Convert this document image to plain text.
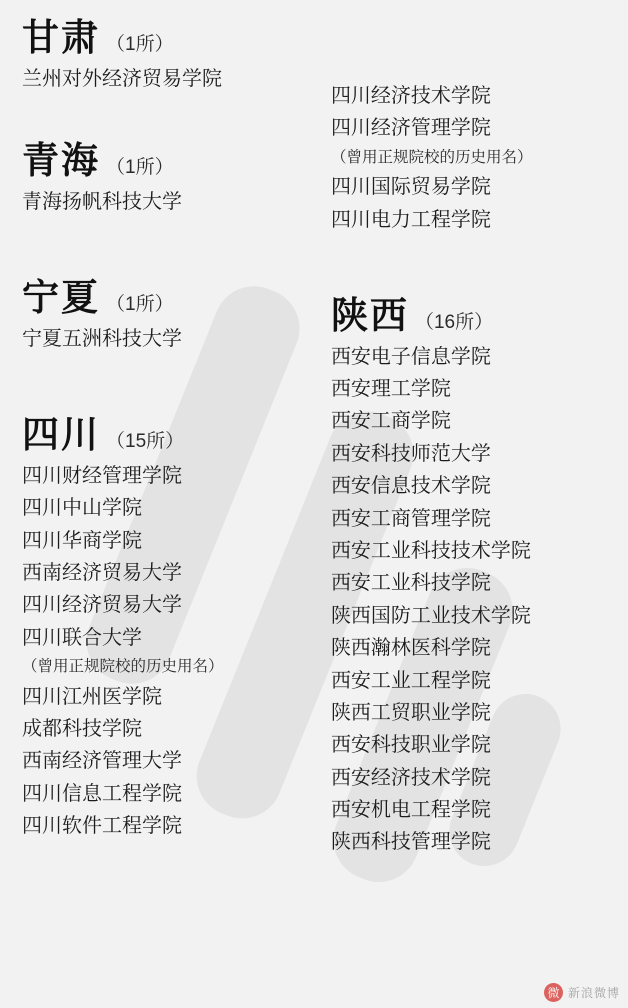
甘肃 （1所）
兰州对外经济贸易学院
青海 （1所）
青海扬帆科技大学
宁夏 （1所）
宁夏五洲科技大学
四川 （15所）
四川财经管理学院
四川中山学院
四川华商学院
西南经济贸易大学
四川经济贸易大学
四川联合大学
（曾用正规院校的历史用名）
四川江州医学院
成都科技学院
西南经济管理大学
四川信息工程学院
四川软件工程学院
四川经济技术学院
四川经济管理学院
（曾用正规院校的历史用名）
四川国际贸易学院
四川电力工程学院
陕西 （16所）
西安电子信息学院
西安理工学院
西安工商学院
西安科技师范大学
西安信息技术学院
西安工商管理学院
西安工业科技技术学院
西安工业科技学院
陕西国防工业技术学院
陕西瀚林医科学院
西安工业工程学院
陕西工贸职业学院
西安科技职业学院
西安经济技术学院
西安机电工程学院
陕西科技管理学院
微 新浪微博
